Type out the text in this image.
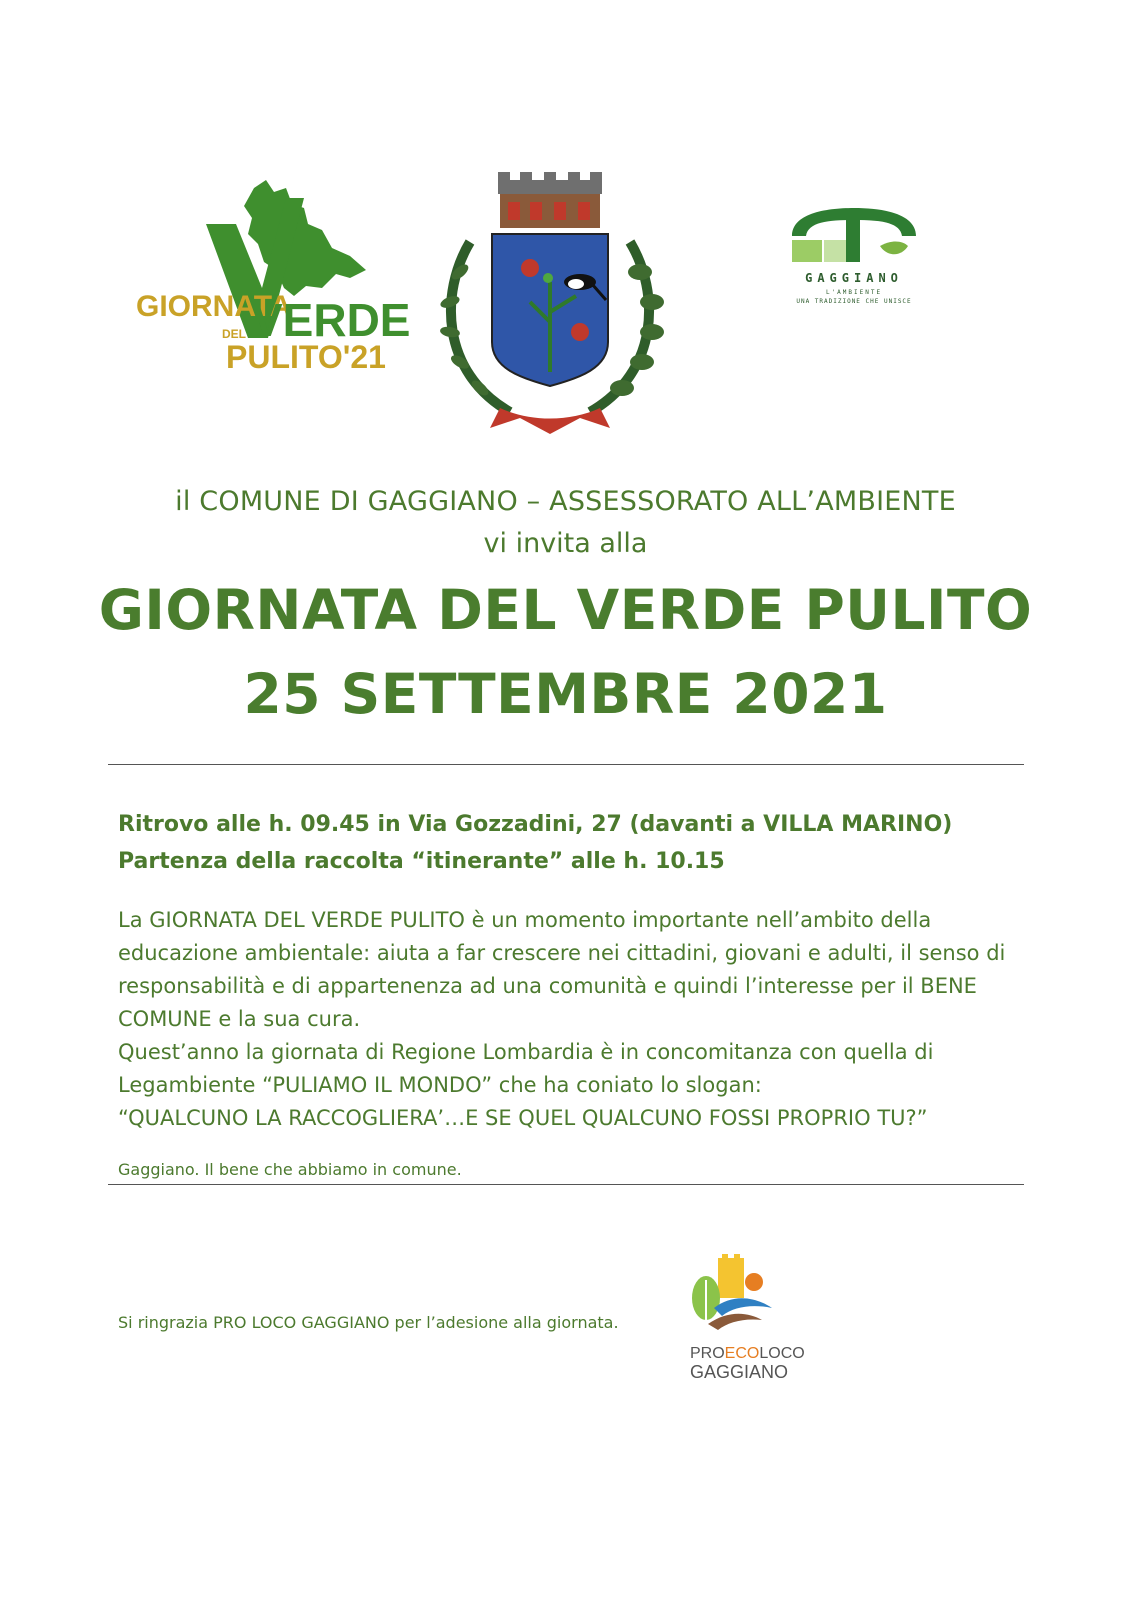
GIORNATA
VERDE
DEL
PULITO'21
GAGGIANO
L'AMBIENTE
UNA TRADIZIONE CHE UNISCE
il COMUNE DI GAGGIANO – ASSESSORATO ALL’AMBIENTE
vi invita alla
GIORNATA DEL VERDE PULITO
25 SETTEMBRE 2021
Ritrovo alle h. 09.45 in Via Gozzadini, 27 (davanti a VILLA MARINO)
Partenza della raccolta “itinerante” alle h. 10.15

La GIORNATA DEL VERDE PULITO è un momento importante nell’ambito della educazione ambientale: aiuta a far crescere nei cittadini, giovani e adulti, il senso di responsabilità e di appartenenza ad una comunità e quindi l’interesse per il BENE COMUNE e la sua cura.

Quest’anno la giornata di Regione Lombardia è in concomitanza con quella di Legambiente “PULIAMO IL MONDO” che ha coniato lo slogan:

“QUALCUNO LA RACCOGLIERA’…E SE QUEL QUALCUNO FOSSI PROPRIO TU?”

Gaggiano. Il bene che abbiamo in comune.
Si ringrazia PRO LOCO GAGGIANO per l’adesione alla giornata.
PROECOLOCO
GAGGIANO
